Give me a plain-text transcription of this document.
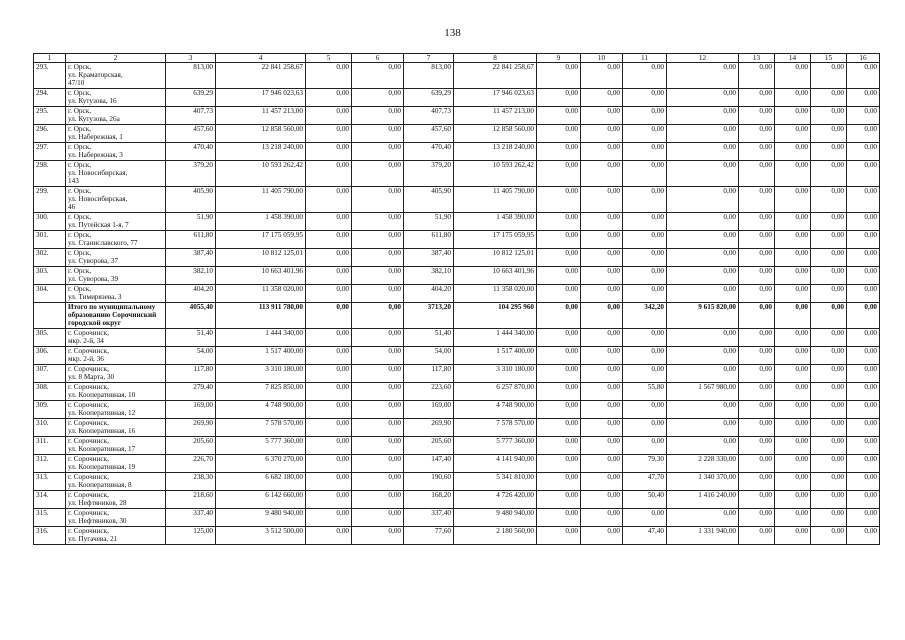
138
1	2	3	4	5	6	7	8	9	10	11	12	13	14	15	16
293.	г. Орск,
ул. Краматорская,
47/10	813,00	22 841 258,67	0,00	0,00	813,00	22 841 258,67	0,00	0,00	0,00	0,00	0,00	0,00	0,00	0,00
294.	г. Орск,
ул. Кутузова, 16	639,29	17 946 023,63	0,00	0,00	639,29	17 946 023,63	0,00	0,00	0,00	0,00	0,00	0,00	0,00	0,00
295.	г. Орск,
ул. Кутузова, 26а	407,73	11 457 213,00	0,00	0,00	407,73	11 457 213,00	0,00	0,00	0,00	0,00	0,00	0,00	0,00	0,00
296.	г. Орск,
ул. Набережная, 1	457,60	12 858 560,00	0,00	0,00	457,60	12 858 560,00	0,00	0,00	0,00	0,00	0,00	0,00	0,00	0,00
297.	г. Орск,
ул. Набережная, 3	470,40	13 218 240,00	0,00	0,00	470,40	13 218 240,00	0,00	0,00	0,00	0,00	0,00	0,00	0,00	0,00
298.	г. Орск,
ул. Новосибирская,
143	379,20	10 593 262,42	0,00	0,00	379,20	10 593 262,42	0,00	0,00	0,00	0,00	0,00	0,00	0,00	0,00
299.	г. Орск,
ул. Новосибирская,
46	405,90	11 405 790,00	0,00	0,00	405,90	11 405 790,00	0,00	0,00	0,00	0,00	0,00	0,00	0,00	0,00
300.	г. Орск,
ул. Путейская 1-я, 7	51,90	1 458 390,00	0,00	0,00	51,90	1 458 390,00	0,00	0,00	0,00	0,00	0,00	0,00	0,00	0,00
301.	г. Орск,
ул. Станиславского, 77	611,80	17 175 059,95	0,00	0,00	611,80	17 175 059,95	0,00	0,00	0,00	0,00	0,00	0,00	0,00	0,00
302.	г. Орск,
ул. Суворова, 37	387,40	10 812 125,01	0,00	0,00	387,40	10 812 125,01	0,00	0,00	0,00	0,00	0,00	0,00	0,00	0,00
303.	г. Орск,
ул. Суворова, 39	382,10	10 663 401,96	0,00	0,00	382,10	10 663 401,96	0,00	0,00	0,00	0,00	0,00	0,00	0,00	0,00
304.	г. Орск,
ул. Тимирязева, 3	404,20	11 358 020,00	0,00	0,00	404,20	11 358 020,00	0,00	0,00	0,00	0,00	0,00	0,00	0,00	0,00

	Итого по муниципальному
образованию Сорочинский
городской округ	4055,40	113 911 780,00	0,00	0,00	3713,20	104 295 960	0,00	0,00	342,20	9 615 820,00	0,00	0,00	0,00	0,00
305.	г. Сорочинск,
мкр. 2-й, 34	51,40	1 444 340,00	0,00	0,00	51,40	1 444 340,00	0,00	0,00	0,00	0,00	0,00	0,00	0,00	0,00
306.	г. Сорочинск,
мкр. 2-й, 36	54,00	1 517 400,00	0,00	0,00	54,00	1 517 400,00	0,00	0,00	0,00	0,00	0,00	0,00	0,00	0,00
307.	г. Сорочинск,
ул. 8 Марта, 30	117,80	3 310 180,00	0,00	0,00	117,80	3 310 180,00	0,00	0,00	0,00	0,00	0,00	0,00	0,00	0,00
308.	г. Сорочинск,
ул. Кооперативная, 10	279,40	7 825 850,00	0,00	0,00	223,60	6 257 870,00	0,00	0,00	55,80	1 567 980,00	0,00	0,00	0,00	0,00
309.	г. Сорочинск,
ул. Кооперативная, 12	169,00	4 748 900,00	0,00	0,00	169,00	4 748 900,00	0,00	0,00	0,00	0,00	0,00	0,00	0,00	0,00
310.	г. Сорочинск,
ул. Кооперативная, 16	269,90	7 578 570,00	0,00	0,00	269,90	7 578 570,00	0,00	0,00	0,00	0,00	0,00	0,00	0,00	0,00
311.	г. Сорочинск,
ул. Кооперативная, 17	205,60	5 777 360,00	0,00	0,00	205,60	5 777 360,00	0,00	0,00	0,00	0,00	0,00	0,00	0,00	0,00
312.	г. Сорочинск,
ул. Кооперативная, 19	226,70	6 370 270,00	0,00	0,00	147,40	4 141 940,00	0,00	0,00	79,30	2 228 330,00	0,00	0,00	0,00	0,00
313.	г. Сорочинск,
ул. Кооперативная, 8	238,30	6 682 180,00	0,00	0,00	190,60	5 341 810,00	0,00	0,00	47,70	1 340 370,00	0,00	0,00	0,00	0,00
314.	г. Сорочинск,
ул. Нефтяников, 28	218,60	6 142 660,00	0,00	0,00	168,20	4 726 420,00	0,00	0,00	50,40	1 416 240,00	0,00	0,00	0,00	0,00
315.	г. Сорочинск,
ул. Нефтяников, 30	337,40	9 480 940,00	0,00	0,00	337,40	9 480 940,00	0,00	0,00	0,00	0,00	0,00	0,00	0,00	0,00
316.	г. Сорочинск,
ул. Пугачева, 21	125,00	3 512 500,00	0,00	0,00	77,60	2 180 560,00	0,00	0,00	47,40	1 331 940,00	0,00	0,00	0,00	0,00
